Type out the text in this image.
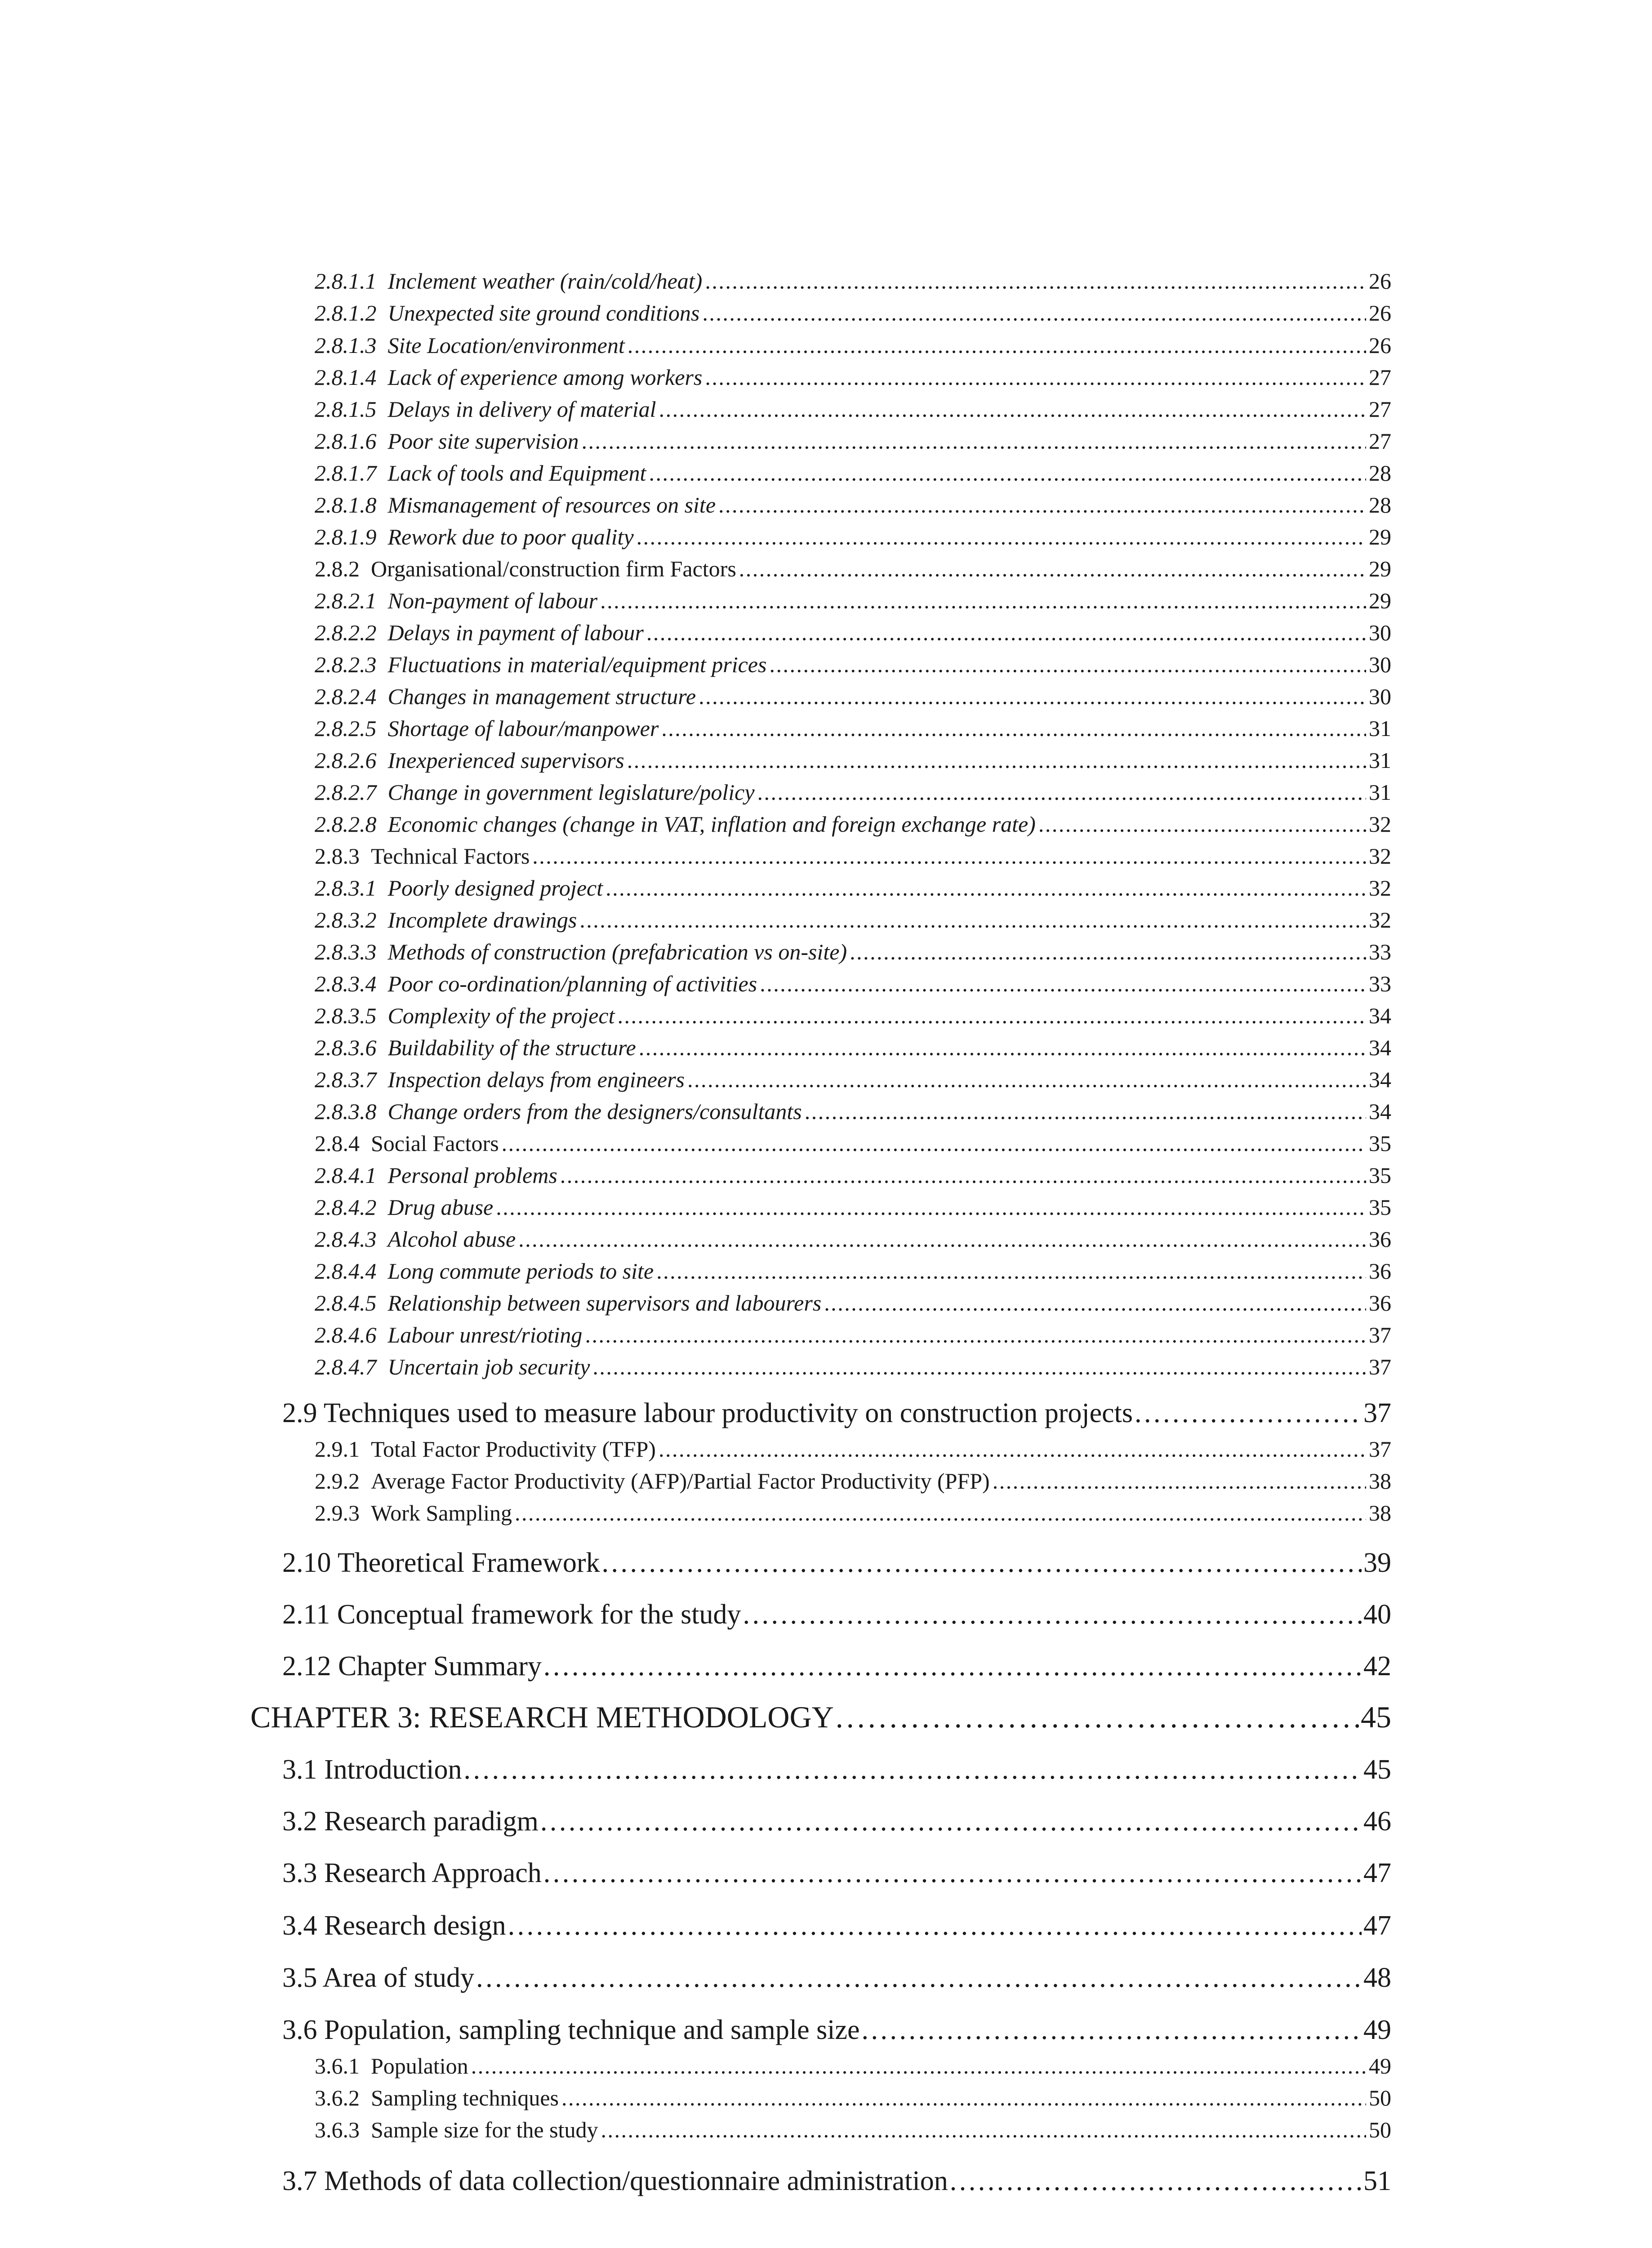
2.8.1.1  Inclement weather (rain/cold/heat) . . .	26
2.8.1.2  Unexpected site ground conditions . . .	26
2.8.1.3  Site Location/environment . . .	26
2.8.1.4  Lack of experience among workers . . .	27
2.8.1.5  Delays in delivery of material . . .	27
2.8.1.6  Poor site supervision . . .	27
2.8.1.7  Lack of tools and Equipment . . .	28
2.8.1.8  Mismanagement of resources on site . . .	28
2.8.1.9  Rework due to poor quality . . .	29
2.8.2  Organisational/construction firm Factors . . .	29
2.8.2.1  Non-payment of labour . . .	29
2.8.2.2  Delays in payment of labour . . .	30
2.8.2.3  Fluctuations in material/equipment prices . . .	30
2.8.2.4  Changes in management structure . . .	30
2.8.2.5  Shortage of labour/manpower . . .	31
2.8.2.6  Inexperienced supervisors . . .	31
2.8.2.7  Change in government legislature/policy . . .	31
2.8.2.8  Economic changes (change in VAT, inflation and foreign exchange rate) . . .	32
2.8.3  Technical Factors . . .	32
2.8.3.1  Poorly designed project . . .	32
2.8.3.2  Incomplete drawings . . .	32
2.8.3.3  Methods of construction (prefabrication vs on-site) . . .	33
2.8.3.4  Poor co-ordination/planning of activities . . .	33
2.8.3.5  Complexity of the project . . .	34
2.8.3.6  Buildability of the structure . . .	34
2.8.3.7  Inspection delays from engineers . . .	34
2.8.3.8  Change orders from the designers/consultants . . .	34
2.8.4  Social Factors . . .	35
2.8.4.1  Personal problems . . .	35
2.8.4.2  Drug abuse . . .	35
2.8.4.3  Alcohol abuse . . .	36
2.8.4.4  Long commute periods to site . . .	36
2.8.4.5  Relationship between supervisors and labourers . . .	36
2.8.4.6  Labour unrest/rioting . . .	37
2.8.4.7  Uncertain job security . . .	37
2.9 Techniques used to measure labour productivity on construction projects . . .	37
2.9.1  Total Factor Productivity (TFP) . . .	37
2.9.2  Average Factor Productivity (AFP)/Partial Factor Productivity (PFP) . . .	38
2.9.3  Work Sampling . . .	38
2.10 Theoretical Framework . . .	39
2.11 Conceptual framework for the study . . .	40
2.12 Chapter Summary . . .	42
CHAPTER 3: RESEARCH METHODOLOGY . . .	45
3.1 Introduction . . .	45
3.2 Research paradigm . . .	46
3.3 Research Approach . . .	47
3.4 Research design . . .	47
3.5 Area of study . . .	48
3.6 Population, sampling technique and sample size . . .	49
3.6.1  Population . . .	49
3.6.2  Sampling techniques . . .	50
3.6.3  Sample size for the study . . .	50
3.7 Methods of data collection/questionnaire administration . . .	51
